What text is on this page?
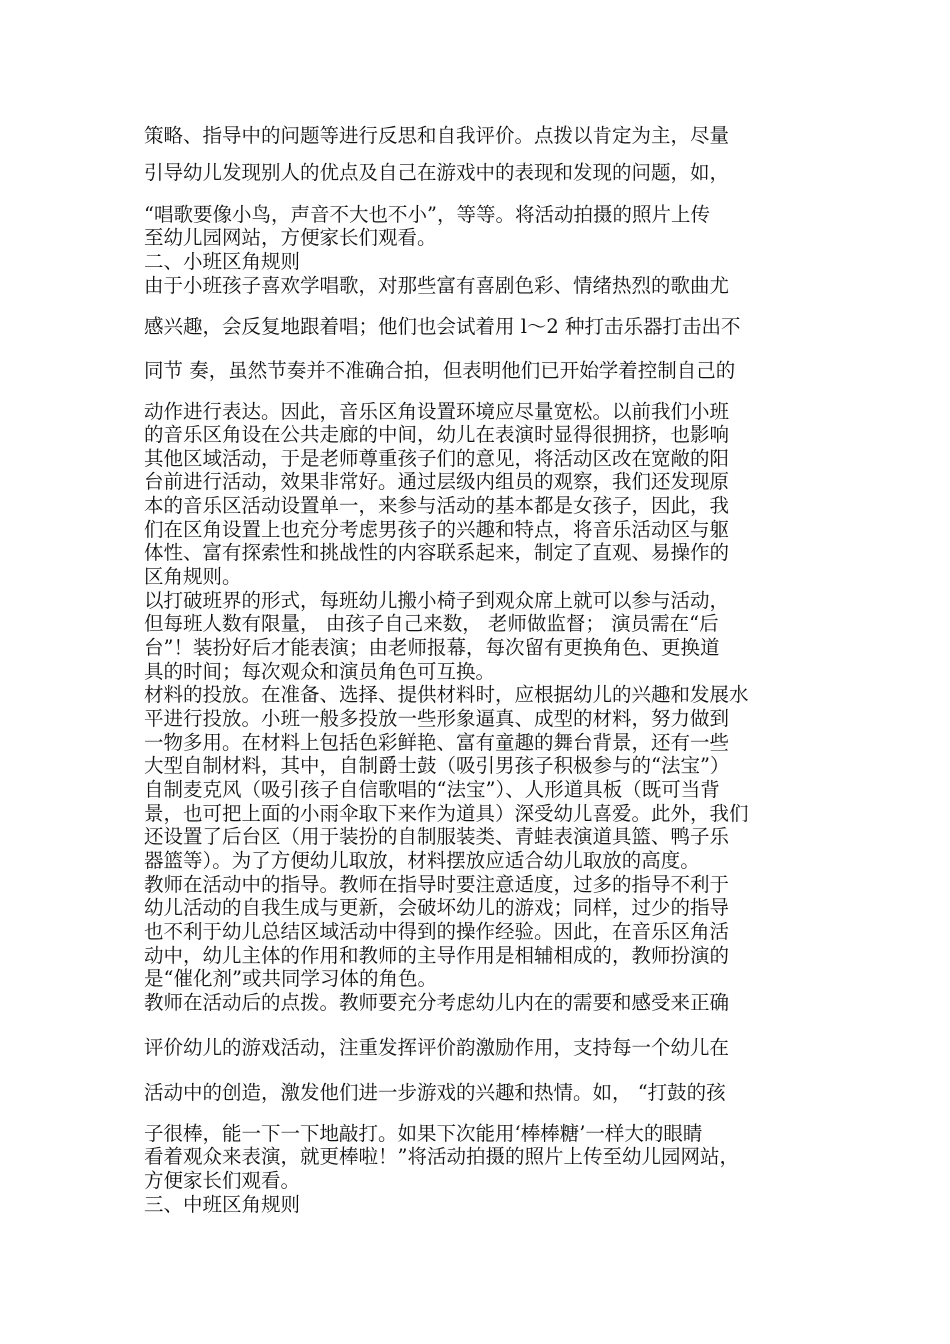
策略、指导中的问题等进行反思和自我评价。点拨以肯定为主，尽量
引导幼儿发现别人的优点及自己在游戏中的表现和发现的问题，如，
“唱歌要像小鸟，声音不大也不小”，等等。将活动拍摄的照片上传
至幼儿园网站，方便家长们观看。
二、小班区角规则
由于小班孩子喜欢学唱歌，对那些富有喜剧色彩、情绪热烈的歌曲尤
感兴趣，会反复地跟着唱；他们也会试着用 l～2 种打击乐器打击出不
同节 奏，虽然节奏并不准确合拍，但表明他们已开始学着控制自己的
动作进行表达。因此，音乐区角设置环境应尽量宽松。以前我们小班
的音乐区角设在公共走廊的中间，幼儿在表演时显得很拥挤，也影响
其他区域活动，于是老师尊重孩子们的意见，将活动区改在宽敞的阳
台前进行活动，效果非常好。通过层级内组员的观察，我们还发现原
本的音乐区活动设置单一，来参与活动的基本都是女孩子，因此，我
们在区角设置上也充分考虑男孩子的兴趣和特点，将音乐活动区与躯
体性、富有探索性和挑战性的内容联系起来，制定了直观、易操作的
区角规则。
以打破班界的形式，每班幼儿搬小椅子到观众席上就可以参与活动，
但每班人数有限量， 由孩子自己来数， 老师做监督； 演员需在“后
台”！装扮好后才能表演；由老师报幕，每次留有更换角色、更换道
具的时间；每次观众和演员角色可互换。
材料的投放。在准备、选择、提供材料时，应根据幼儿的兴趣和发展水
平进行投放。小班一般多投放一些形象逼真、成型的材料，努力做到
一物多用。在材料上包括色彩鲜艳、富有童趣的舞台背景，还有一些
大型自制材料，其中，自制爵士鼓（吸引男孩子积极参与的“法宝”）
自制麦克风（吸引孩子自信歌唱的“法宝”）、人形道具板（既可当背
景，也可把上面的小雨伞取下来作为道具）深受幼儿喜爱。此外，我们
还设置了后台区（用于装扮的自制服装类、青蛙表演道具篮、鸭子乐
器篮等）。为了方便幼儿取放，材料摆放应适合幼儿取放的高度。
教师在活动中的指导。教师在指导时要注意适度，过多的指导不利于
幼儿活动的自我生成与更新，会破坏幼儿的游戏；同样，过少的指导
也不利于幼儿总结区域活动中得到的操作经验。因此，在音乐区角活
动中，幼儿主体的作用和教师的主导作用是相辅相成的，教师扮演的
是“催化剂”或共同学习体的角色。
教师在活动后的点拨。教师要充分考虑幼儿内在的需要和感受来正确
评价幼儿的游戏活动，注重发挥评价韵激励作用，支持每一个幼儿在
活动中的创造，激发他们进一步游戏的兴趣和热情。如， “打鼓的孩
子很棒，能一下一下地敲打。如果下次能用‘棒棒糖’一样大的眼睛
看着观众来表演，就更棒啦！”将活动拍摄的照片上传至幼儿园网站，
方便家长们观看。
三、中班区角规则
